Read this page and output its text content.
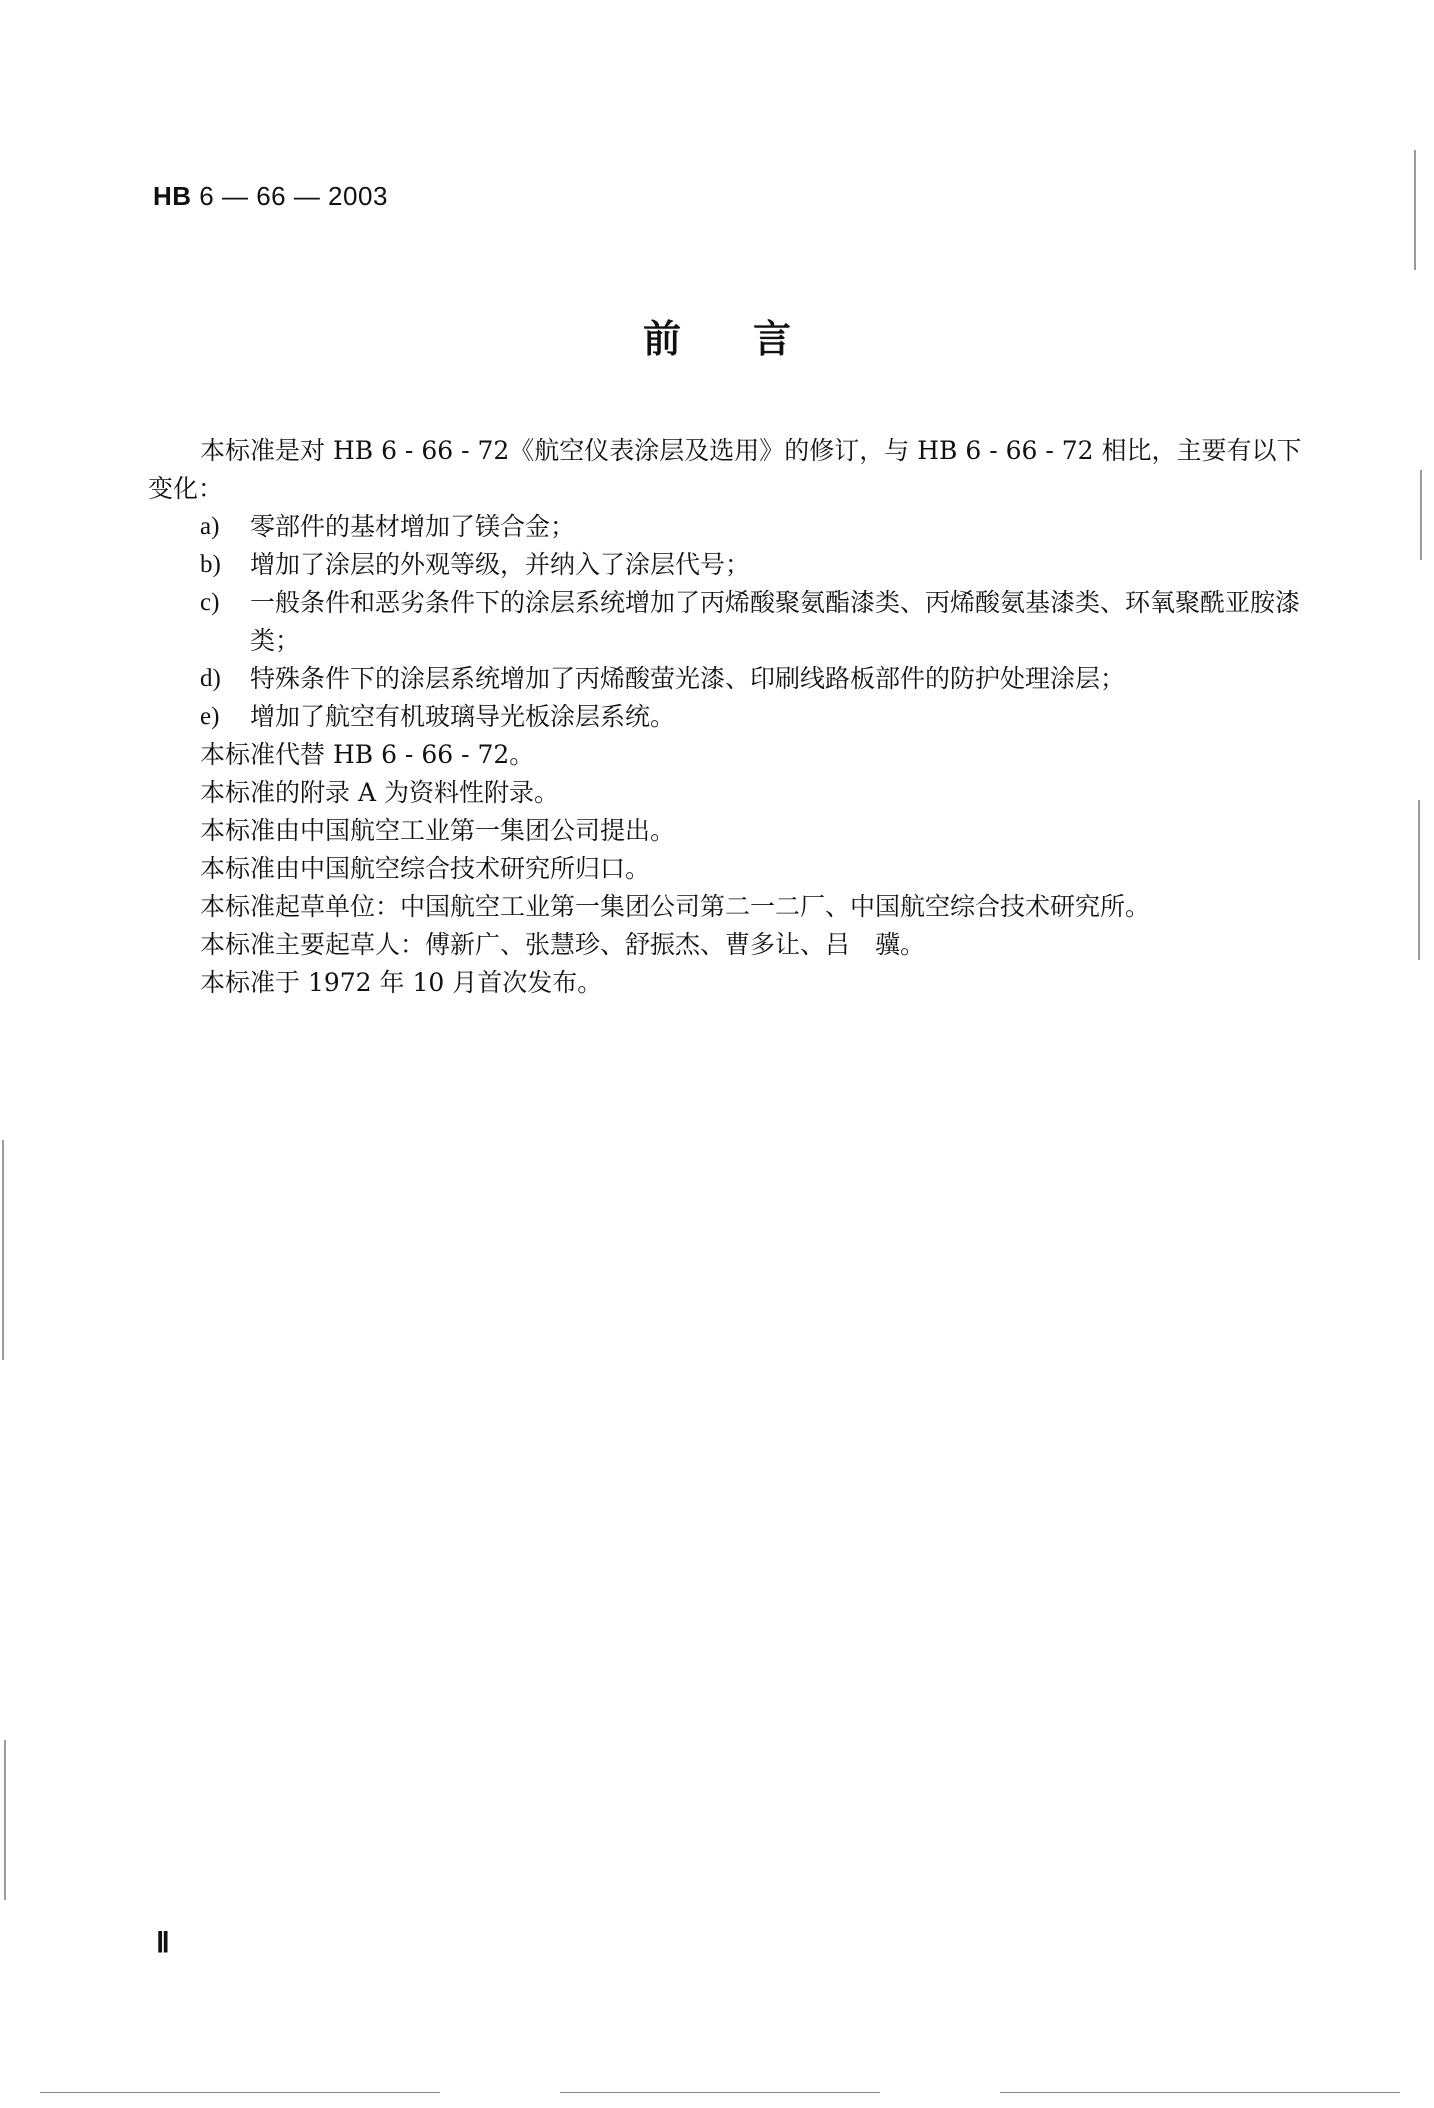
HB 6 — 66 — 2003
前言

本标准是对 HB 6 - 66 - 72《航空仪表涂层及选用》的修订，与 HB 6 - 66 - 72 相比，主要有以下变化：

a)	零部件的基材增加了镁合金；
b)	增加了涂层的外观等级，并纳入了涂层代号；
c)	一般条件和恶劣条件下的涂层系统增加了丙烯酸聚氨酯漆类、丙烯酸氨基漆类、环氧聚酰亚胺漆类；
d)	特殊条件下的涂层系统增加了丙烯酸萤光漆、印刷线路板部件的防护处理涂层；
e)	增加了航空有机玻璃导光板涂层系统。

本标准代替 HB 6 - 66 - 72。

本标准的附录 A 为资料性附录。

本标准由中国航空工业第一集团公司提出。

本标准由中国航空综合技术研究所归口。

本标准起草单位：中国航空工业第一集团公司第二一二厂、中国航空综合技术研究所。

本标准主要起草人：傅新广、张慧珍、舒振杰、曹多让、吕　骥。

本标准于 1972 年 10 月首次发布。

Ⅱ
